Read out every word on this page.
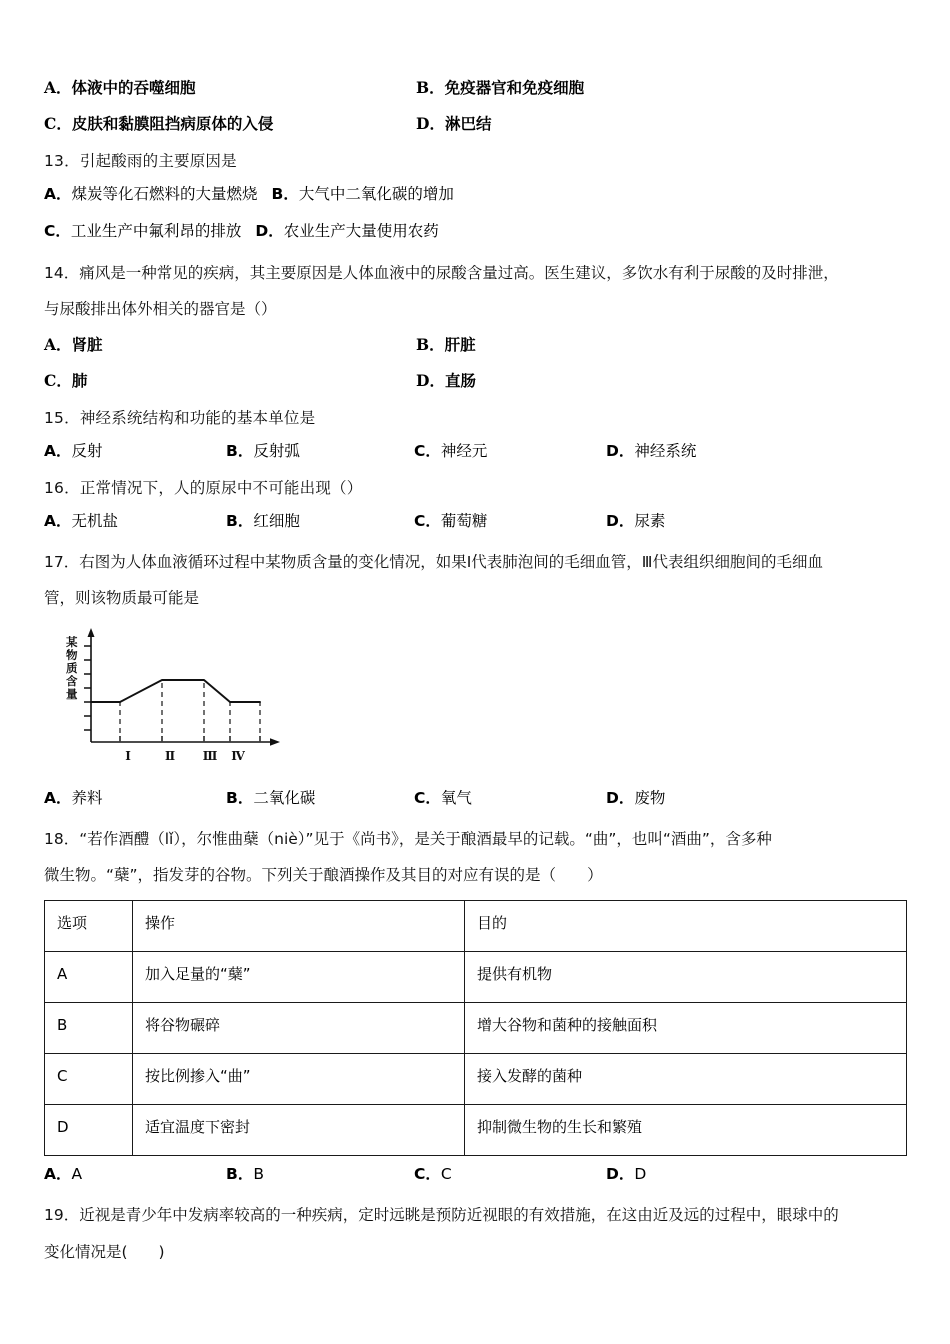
A．体液中的吞噬细胞	B．免疫器官和免疫细胞
C．皮肤和黏膜阻挡病原体的入侵	D．淋巴结
13．引起酸雨的主要原因是
A．煤炭等化石燃料的大量燃烧 B．大气中二氧化碳的增加
C．工业生产中氟利昂的排放 D．农业生产大量使用农药
14．痛风是一种常见的疾病，其主要原因是人体血液中的尿酸含量过高。医生建议，多饮水有利于尿酸的及时排泄，
与尿酸排出体外相关的器官是（）
A．肾脏	B．肝脏
C．肺	D．直肠
15．神经系统结构和功能的基本单位是
A．反射	B．反射弧	C．神经元	D．神经系统
16．正常情况下，人的原尿中不可能出现（）
A．无机盐	B．红细胞	C．葡萄糖	D．尿素
17．右图为人体血液循环过程中某物质含量的变化情况，如果Ⅰ代表肺泡间的毛细血管，Ⅲ代表组织细胞间的毛细血
管，则该物质最可能是
某 物 质 含 量
Ⅰ	Ⅱ Ⅲ Ⅳ
A．养料	B．二氧化碳	C．氧气	D．废物
18．“若作酒醴（lǐ），尔惟曲蘖（niè）”见于《尚书》，是关于酿酒最早的记载。“曲”，也叫“酒曲”，含多种
微生物。“蘖”，指发芽的谷物。下列关于酿酒操作及其目的对应有误的是（　　）
选项	操作	目的
A	加入足量的“蘖”	提供有机物
B	将谷物碾碎	增大谷物和菌种的接触面积
C	按比例掺入“曲”	接入发酵的菌种
D	适宜温度下密封	抑制微生物的生长和繁殖
A．A	B．B	C．C	D．D
19．近视是青少年中发病率较高的一种疾病，定时远眺是预防近视眼的有效措施，在这由近及远的过程中，眼球中的
变化情况是(　　)
